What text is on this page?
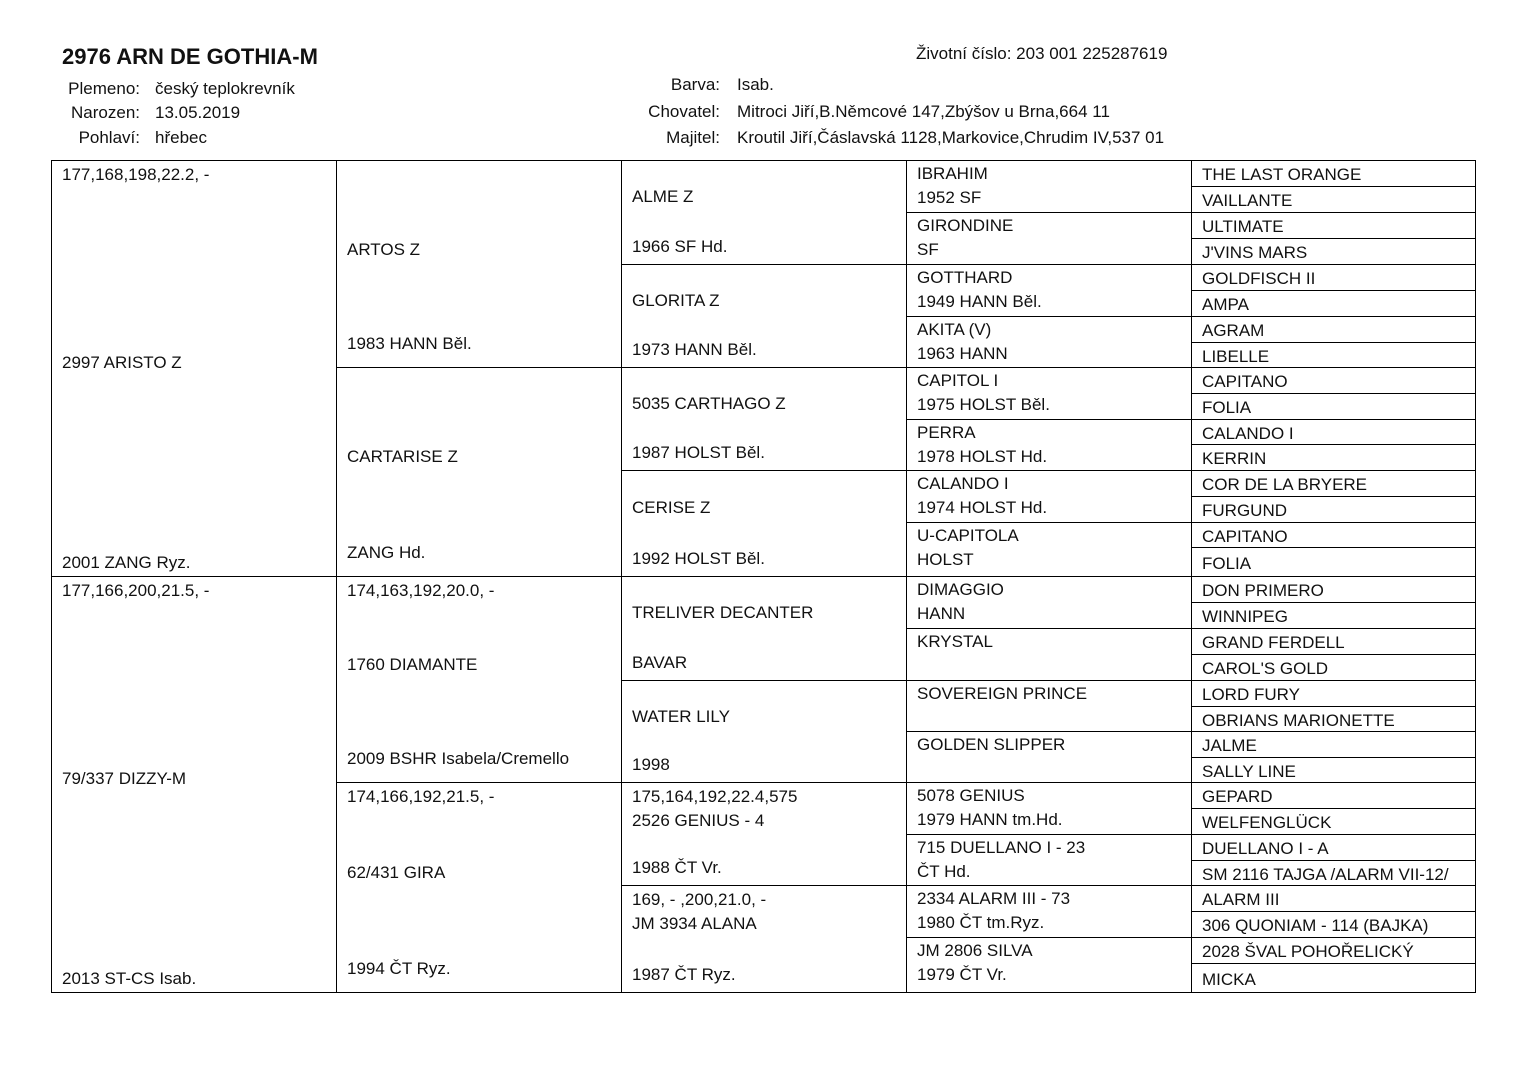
2976 ARN DE GOTHIA-M	Životní číslo: 203 001 225287619
Plemeno: český teplokrevník
Narozen: 13.05.2019
Pohlaví: hřebec
Barva: Isab.
Chovatel: Mitroci Jiří,B.Němcové 147,Zbýšov u Brna,664 11
Majitel: Kroutil Jiří,Čáslavská 1128,Markovice,Chrudim IV,537 01
177,168,198,22.2, -
2997 ARISTO Z
2001 ZANG Ryz.
177,166,200,21.5, -
79/337 DIZZY-M
2013 ST-CS Isab.
ARTOS Z
1983 HANN Běl.
CARTARISE Z
ZANG Hd.
174,163,192,20.0, -
1760 DIAMANTE
2009 BSHR Isabela/Cremello
174,166,192,21.5, -
62/431 GIRA
1994 ČT Ryz.
ALME Z
1966 SF Hd.
GLORITA Z
1973 HANN Běl.
5035 CARTHAGO Z
1987 HOLST Běl.
CERISE Z
1992 HOLST Běl.
TRELIVER DECANTER
BAVAR
WATER LILY
1998
175,164,192,22.4,575
2526 GENIUS - 4
1988 ČT Vr.
169, - ,200,21.0, -
JM 3934 ALANA
1987 ČT Ryz.
IBRAHIM
1952 SF
GIRONDINE
SF
GOTTHARD
1949 HANN Běl.
AKITA (V)
1963 HANN
CAPITOL I
1975 HOLST Běl.
PERRA
1978 HOLST Hd.
CALANDO I
1974 HOLST Hd.
U-CAPITOLA
HOLST
DIMAGGIO
HANN
KRYSTAL
SOVEREIGN PRINCE
GOLDEN SLIPPER
5078 GENIUS
1979 HANN tm.Hd.
715 DUELLANO I - 23
ČT Hd.
2334 ALARM III - 73
1980 ČT tm.Ryz.
JM 2806 SILVA
1979 ČT Vr.
THE LAST ORANGE
VAILLANTE
ULTIMATE
J'VINS MARS
GOLDFISCH II
AMPA
AGRAM
LIBELLE
CAPITANO
FOLIA
CALANDO I
KERRIN
COR DE LA BRYERE
FURGUND
CAPITANO
FOLIA
DON PRIMERO
WINNIPEG
GRAND FERDELL
CAROL'S GOLD
LORD FURY
OBRIANS MARIONETTE
JALME
SALLY LINE
GEPARD
WELFENGLÜCK
DUELLANO I - A
SM 2116 TAJGA /ALARM VII-12/
ALARM III
306 QUONIAM - 114 (BAJKA)
2028 ŠVAL POHOŘELICKÝ
MICKA
